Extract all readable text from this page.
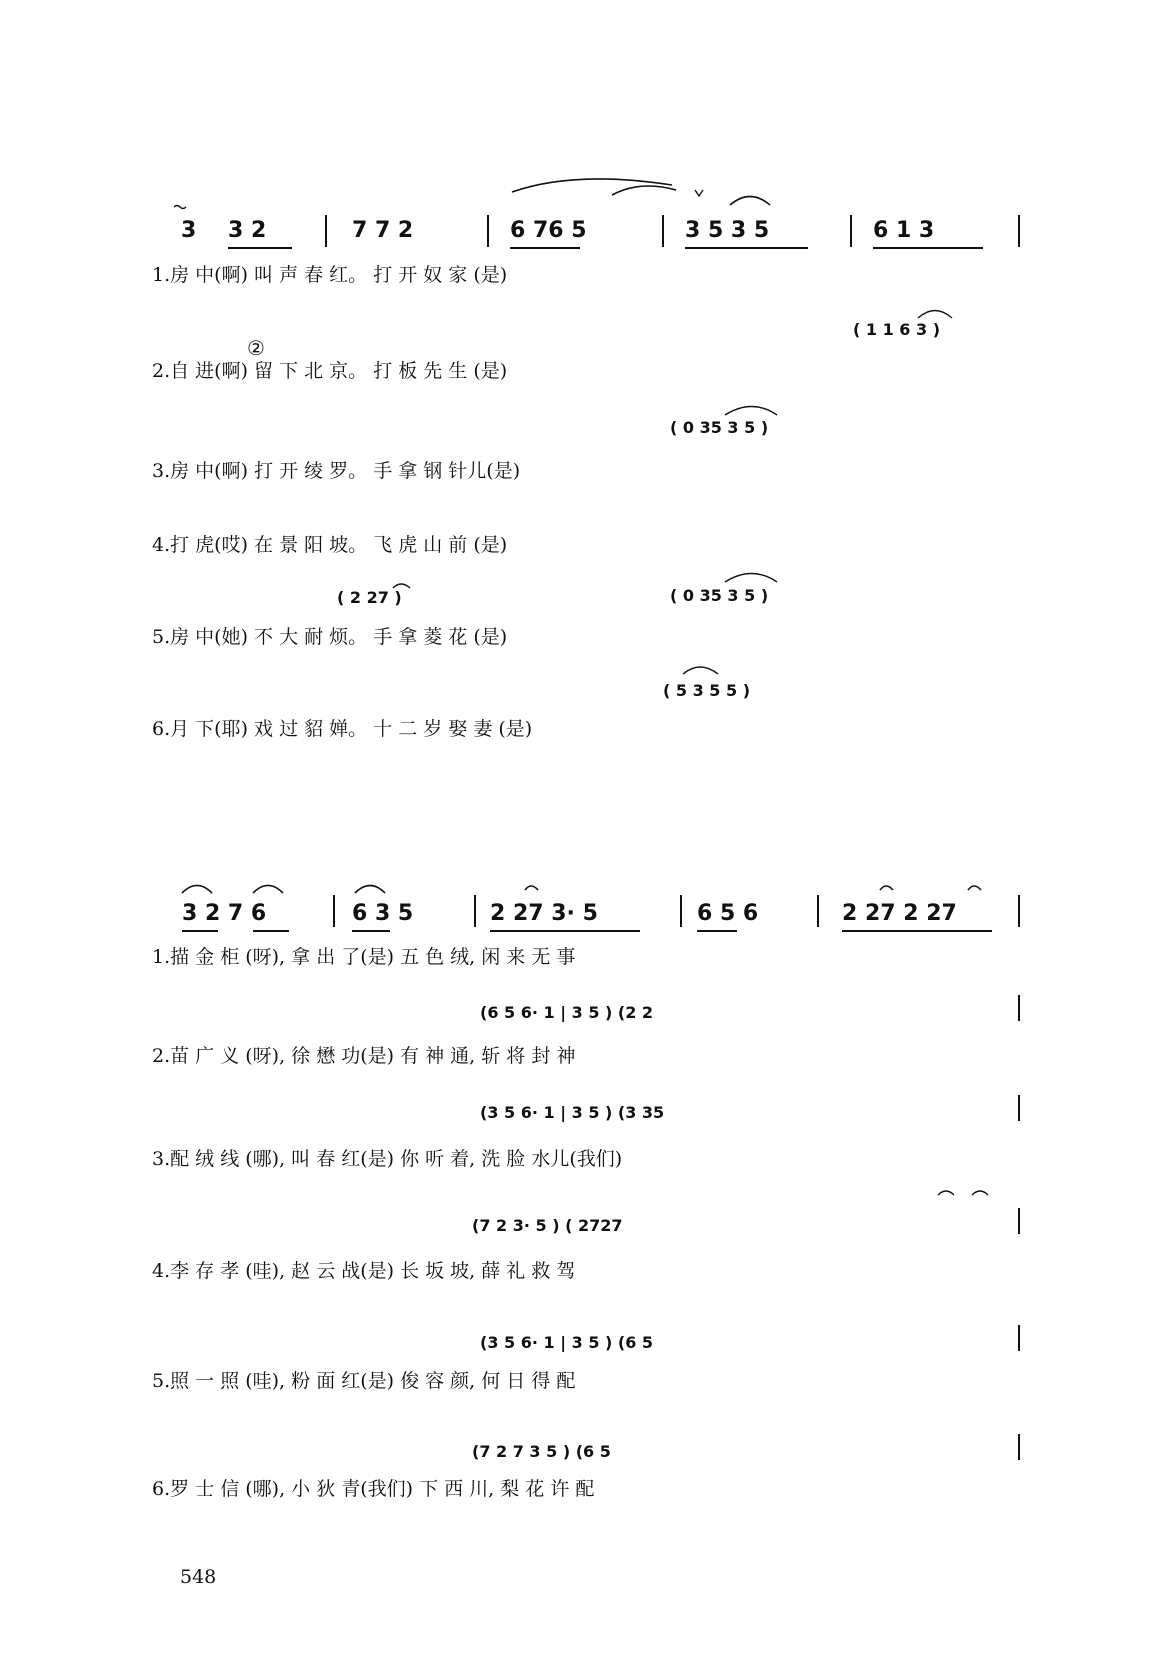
3 3 2	7 7 2	6 76 5	3 5 3 5	6 1 3
1.房 中(啊) 叫 声 春 红。 打 开 奴 家 (是)
( 1 1 6 3 )
2.自 进(啊) 留 下 北 京。 打 板 先 生 (是)
②
( 0 35 3 5 )
3.房 中(啊) 打 开 绫 罗。 手 拿 钢 针儿(是)
4.打 虎(哎) 在 景 阳 坡。 飞 虎 山 前 (是)
( 2 27 )	( 0 35 3 5 )
5.房 中(她) 不 大 耐 烦。 手 拿 菱 花 (是)
( 5 3 5 5 )
6.月 下(耶) 戏 过 貂 婵。 十 二 岁 娶 妻 (是)
3 2 7 6	6 3 5	2 27 3· 5	6 5 6	2 27 2 27
1.描 金 柜 (呀), 拿 出 了(是) 五 色 绒, 闲 来 无 事
(6 5 6· 1 | 3 5 ) (2 2
2.苗 广 义 (呀), 徐 懋 功(是) 有 神 通, 斩 将 封 神
(3 5 6· 1 | 3 5 ) (3 35
3.配 绒 线 (哪), 叫 春 红(是) 你 听 着, 洗 脸 水儿(我们)
(7 2 3· 5 ) ( 2727
4.李 存 孝 (哇), 赵 云 战(是) 长 坂 坡, 薛 礼 救 驾
(3 5 6· 1 | 3 5 ) (6 5
5.照 一 照 (哇), 粉 面 红(是) 俊 容 颜, 何 日 得 配
(7 2 7 3 5 ) (6 5
6.罗 士 信 (哪), 小 狄 青(我们) 下 西 川, 梨 花 许 配
548
